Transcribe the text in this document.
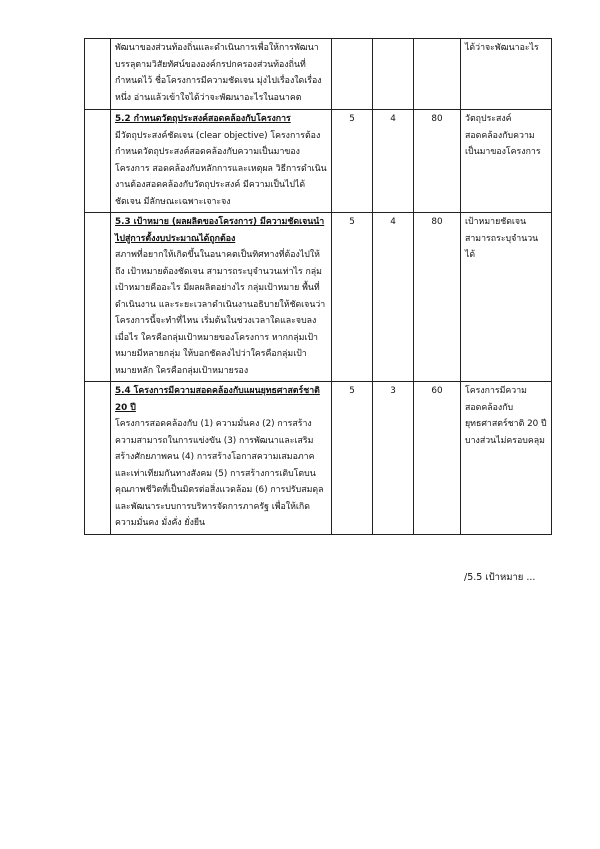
	พัฒนาของส่วนท้องถิ่นและดำเนินการเพื่อให้การพัฒนาบรรลุตามวิสัยทัศน์ขององค์กรปกครองส่วนท้องถิ่นที่กำหนดไว้ ชื่อโครงการมีความชัดเจน มุ่งไปเรื่องใดเรื่องหนึ่ง อ่านแล้วเข้าใจได้ว่าจะพัฒนาอะไรในอนาคต				ได้ว่าจะพัฒนาอะไร

	5.2 กำหนดวัตถุประสงค์สอดคล้องกับโครงการ
มีวัตถุประสงค์ชัดเจน (clear objective) โครงการต้องกำหนดวัตถุประสงค์สอดคล้องกับความเป็นมาของโครงการ สอดคล้องกับหลักการและเหตุผล วิธีการดำเนินงานต้องสอดคล้องกับวัตถุประสงค์ มีความเป็นไปได้ชัดเจน มีลักษณะเฉพาะเจาะจง	5	4	80	วัตถุประสงค์สอดคล้องกับความเป็นมาของโครงการ

	5.3 เป้าหมาย (ผลผลิตของโครงการ) มีความชัดเจนนำไปสู่การตั้งงบประมาณได้ถูกต้อง
สภาพที่อยากให้เกิดขึ้นในอนาคตเป็นทิศทางที่ต้องไปให้ถึง เป้าหมายต้องชัดเจน สามารถระบุจำนวนเท่าไร กลุ่มเป้าหมายคืออะไร มีผลผลิตอย่างไร กลุ่มเป้าหมาย พื้นที่ดำเนินงาน และระยะเวลาดำเนินงานอธิบายให้ชัดเจนว่าโครงการนี้จะทำที่ไหน เริ่มต้นในช่วงเวลาใดและจบลงเมื่อไร ใครคือกลุ่มเป้าหมายของโครงการ หากกลุ่มเป้าหมายมีหลายกลุ่ม ให้บอกชัดลงไปว่าใครคือกลุ่มเป้าหมายหลัก ใครคือกลุ่มเป้าหมายรอง	5	4	80	เป้าหมายชัดเจนสามารถระบุจำนวนได้

	5.4 โครงการมีความสอดคล้องกับแผนยุทธศาสตร์ชาติ 20 ปี
โครงการสอดคล้องกับ (1) ความมั่นคง (2) การสร้างความสามารถในการแข่งขัน (3) การพัฒนาและเสริมสร้างศักยภาพคน (4) การสร้างโอกาสความเสมอภาคและเท่าเทียมกันทางสังคม (5) การสร้างการเติบโตบนคุณภาพชีวิตที่เป็นมิตรต่อสิ่งแวดล้อม (6) การปรับสมดุลและพัฒนาระบบการบริหารจัดการภาครัฐ เพื่อให้เกิดความมั่นคง มั่งคั่ง ยั่งยืน	5	3	60	โครงการมีความสอดคล้องกับยุทธศาสตร์ชาติ 20 ปีบางส่วนไม่ครอบคลุม
/5.5 เป้าหมาย ...
